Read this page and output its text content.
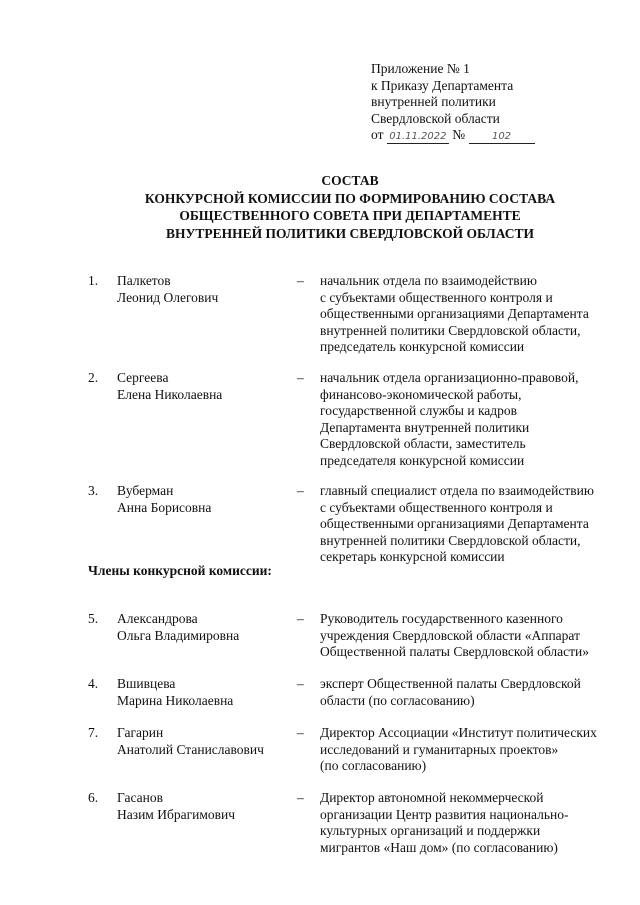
Приложение № 1
к Приказу Департамента
внутренней политики
Свердловской области
от 01.11.2022 №	102
СОСТАВ
КОНКУРСНОЙ КОМИССИИ ПО ФОРМИРОВАНИЮ СОСТАВА
ОБЩЕСТВЕННОГО СОВЕТА ПРИ ДЕПАРТАМЕНТЕ
ВНУТРЕННЕЙ ПОЛИТИКИ СВЕРДЛОВСКОЙ ОБЛАСТИ
1. Палкетов
Леонид Олегович
– начальник отдела по взаимодействию
с субъектами общественного контроля и
общественными организациями Департамента
внутренней политики Свердловской области,
председатель конкурсной комиссии
2. Сергеева
Елена Николаевна
– начальник отдела организационно-правовой,
финансово-экономической работы,
государственной службы и кадров
Департамента внутренней политики
Свердловской области, заместитель
председателя конкурсной комиссии
3. Вуберман
Анна Борисовна
– главный специалист отдела по взаимодействию
с субъектами общественного контроля и
общественными организациями Департамента
внутренней политики Свердловской области,
секретарь конкурсной комиссии
Члены конкурсной комиссии:
5. Александрова
Ольга Владимировна
– Руководитель государственного казенного
учреждения Свердловской области «Аппарат
Общественной палаты Свердловской области»
4. Вшивцева
Марина Николаевна
– эксперт Общественной палаты Свердловской
области (по согласованию)
7. Гагарин
Анатолий Станиславович
– Директор Ассоциации «Институт политических
исследований и гуманитарных проектов»
(по согласованию)
6. Гасанов
Назим Ибрагимович
– Директор автономной некоммерческой
организации Центр развития национально-
культурных организаций и поддержки
мигрантов «Наш дом» (по согласованию)
